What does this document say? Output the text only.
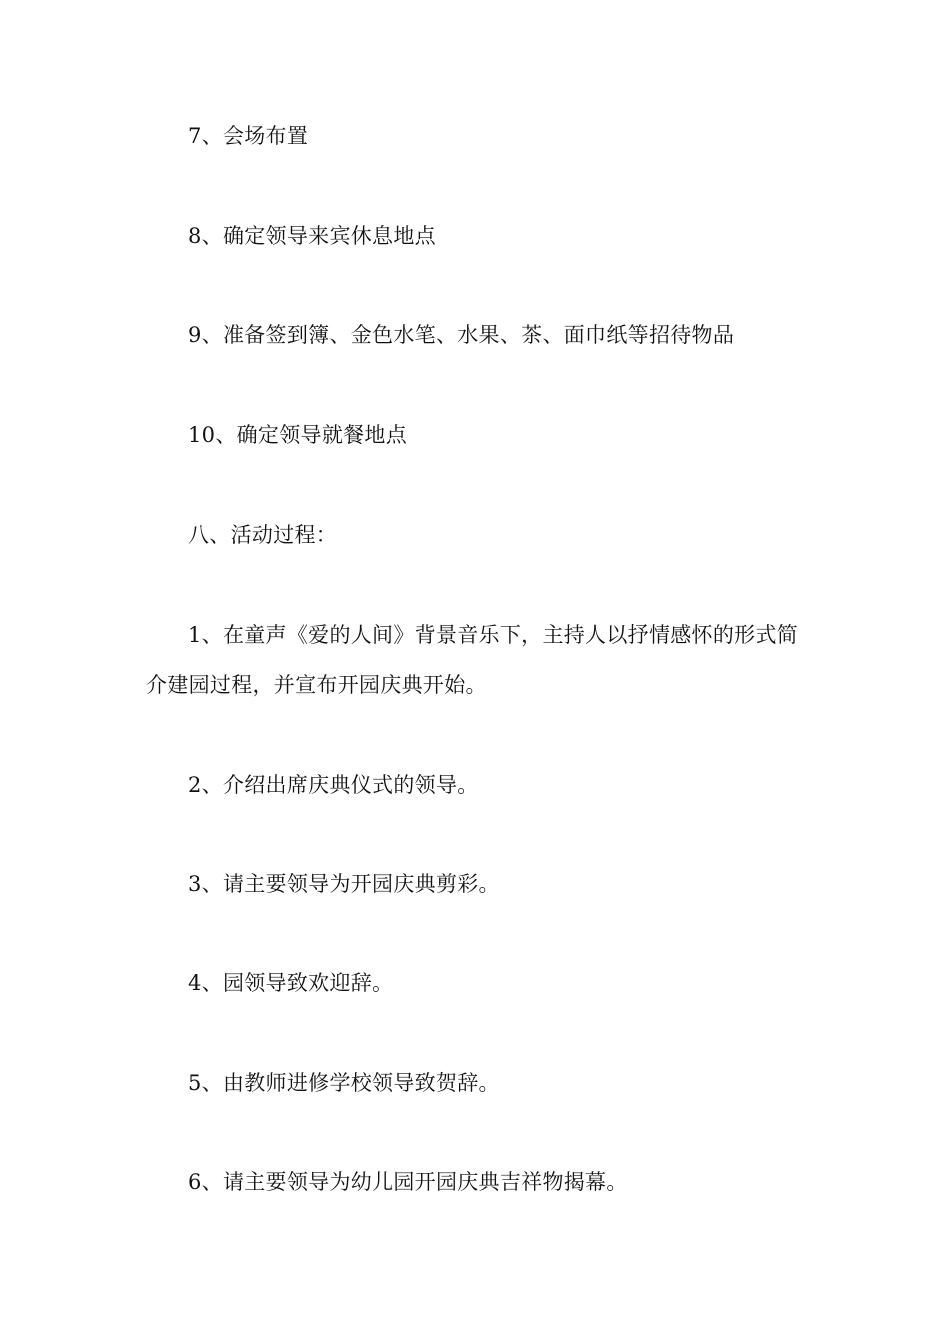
7、会场布置

8、确定领导来宾休息地点

9、准备签到簿、金色水笔、水果、茶、面巾纸等招待物品

10、确定领导就餐地点

八、活动过程：

1、在童声《爱的人间》背景音乐下，主持人以抒情感怀的形式简介建园过程，并宣布开园庆典开始。

2、介绍出席庆典仪式的领导。

3、请主要领导为开园庆典剪彩。

4、园领导致欢迎辞。

5、由教师进修学校领导致贺辞。

6、请主要领导为幼儿园开园庆典吉祥物揭幕。
